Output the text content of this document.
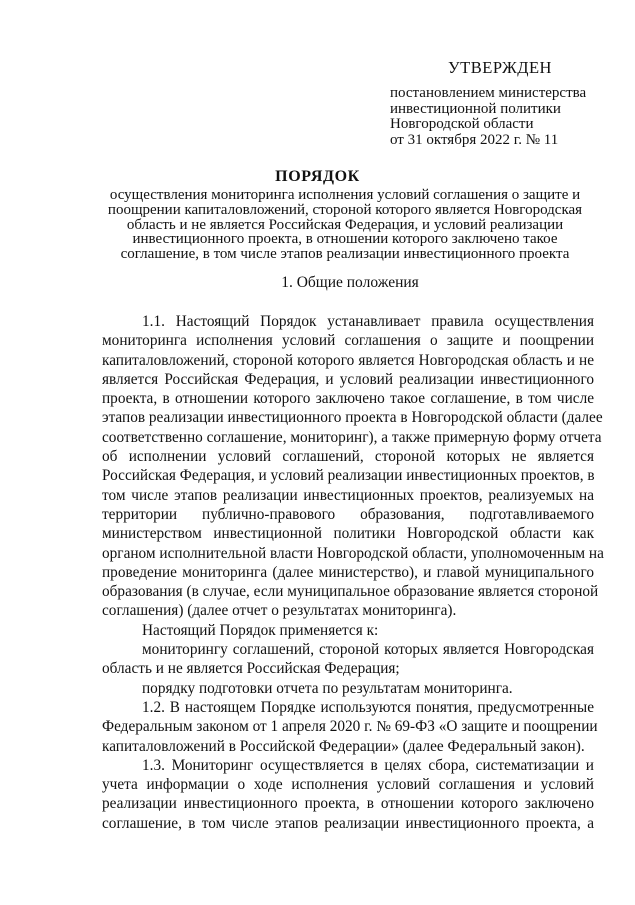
УТВЕРЖДЕН
постановлением министерства
инвестиционной политики
Новгородской области
от 31 октября 2022 г. № 11
ПОРЯДОК
осуществления мониторинга исполнения условий соглашения о защите и
поощрении капиталовложений, стороной которого является Новгородская
область и не является Российская Федерация, и условий реализации
инвестиционного проекта, в отношении которого заключено такое
соглашение, в том числе этапов реализации инвестиционного проекта
1. Общие положения
1.1. Настоящий Порядок устанавливает правила осуществления
мониторинга исполнения условий соглашения о защите и поощрении
капиталовложений, стороной которого является Новгородская область и не
является Российская Федерация, и условий реализации инвестиционного
проекта, в отношении которого заключено такое соглашение, в том числе
этапов реализации инвестиционного проекта в Новгородской области (далее
соответственно соглашение, мониторинг), а также примерную форму отчета
об исполнении условий соглашений, стороной которых не является
Российская Федерация, и условий реализации инвестиционных проектов, в
том числе этапов реализации инвестиционных проектов, реализуемых на
территории публично-правового образования, подготавливаемого
министерством инвестиционной политики Новгородской области как
органом исполнительной власти Новгородской области, уполномоченным на
проведение мониторинга (далее министерство), и главой муниципального
образования (в случае, если муниципальное образование является стороной
соглашения) (далее отчет о результатах мониторинга).
Настоящий Порядок применяется к:
мониторингу соглашений, стороной которых является Новгородская
область и не является Российская Федерация;
порядку подготовки отчета по результатам мониторинга.
1.2. В настоящем Порядке используются понятия, предусмотренные
Федеральным законом от 1 апреля 2020 г. № 69-ФЗ «О защите и поощрении
капиталовложений в Российской Федерации» (далее Федеральный закон).
1.3. Мониторинг осуществляется в целях сбора, систематизации и
учета информации о ходе исполнения условий соглашения и условий
реализации инвестиционного проекта, в отношении которого заключено
соглашение, в том числе этапов реализации инвестиционного проекта, а
